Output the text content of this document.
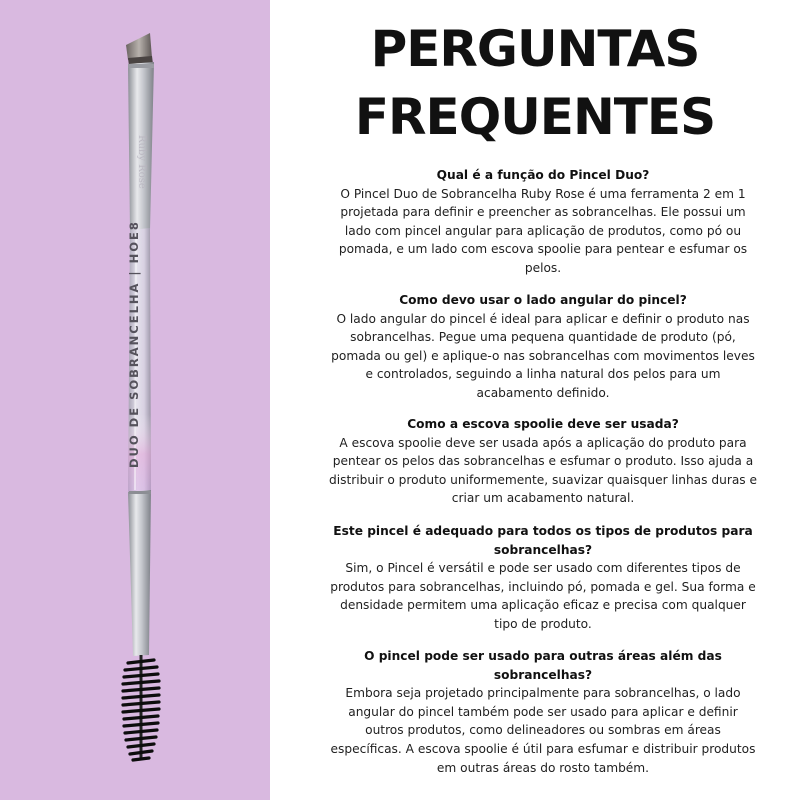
Ruby Rose
DUO DE SOBRANCELHA | HOE8
PERGUNTAS
FREQUENTES
Qual é a função do Pincel Duo?
O Pincel Duo de Sobrancelha Ruby Rose é uma ferramenta 2 em 1 projetada para definir e preencher as sobrancelhas. Ele possui um lado com pincel angular para aplicação de produtos, como pó ou pomada, e um lado com escova spoolie para pentear e esfumar os pelos.
Como devo usar o lado angular do pincel?
O lado angular do pincel é ideal para aplicar e definir o produto nas sobrancelhas. Pegue uma pequena quantidade de produto (pó, pomada ou gel) e aplique-o nas sobrancelhas com movimentos leves e controlados, seguindo a linha natural dos pelos para um acabamento definido.
Como a escova spoolie deve ser usada?
A escova spoolie deve ser usada após a aplicação do produto para pentear os pelos das sobrancelhas e esfumar o produto. Isso ajuda a distribuir o produto uniformemente, suavizar quaisquer linhas duras e criar um acabamento natural.
Este pincel é adequado para todos os tipos de produtos para sobrancelhas?
Sim, o Pincel é versátil e pode ser usado com diferentes tipos de produtos para sobrancelhas, incluindo pó, pomada e gel. Sua forma e densidade permitem uma aplicação eficaz e precisa com qualquer tipo de produto.
O pincel pode ser usado para outras áreas além das sobrancelhas?
Embora seja projetado principalmente para sobrancelhas, o lado angular do pincel também pode ser usado para aplicar e definir outros produtos, como delineadores ou sombras em áreas específicas. A escova spoolie é útil para esfumar e distribuir produtos em outras áreas do rosto também.
